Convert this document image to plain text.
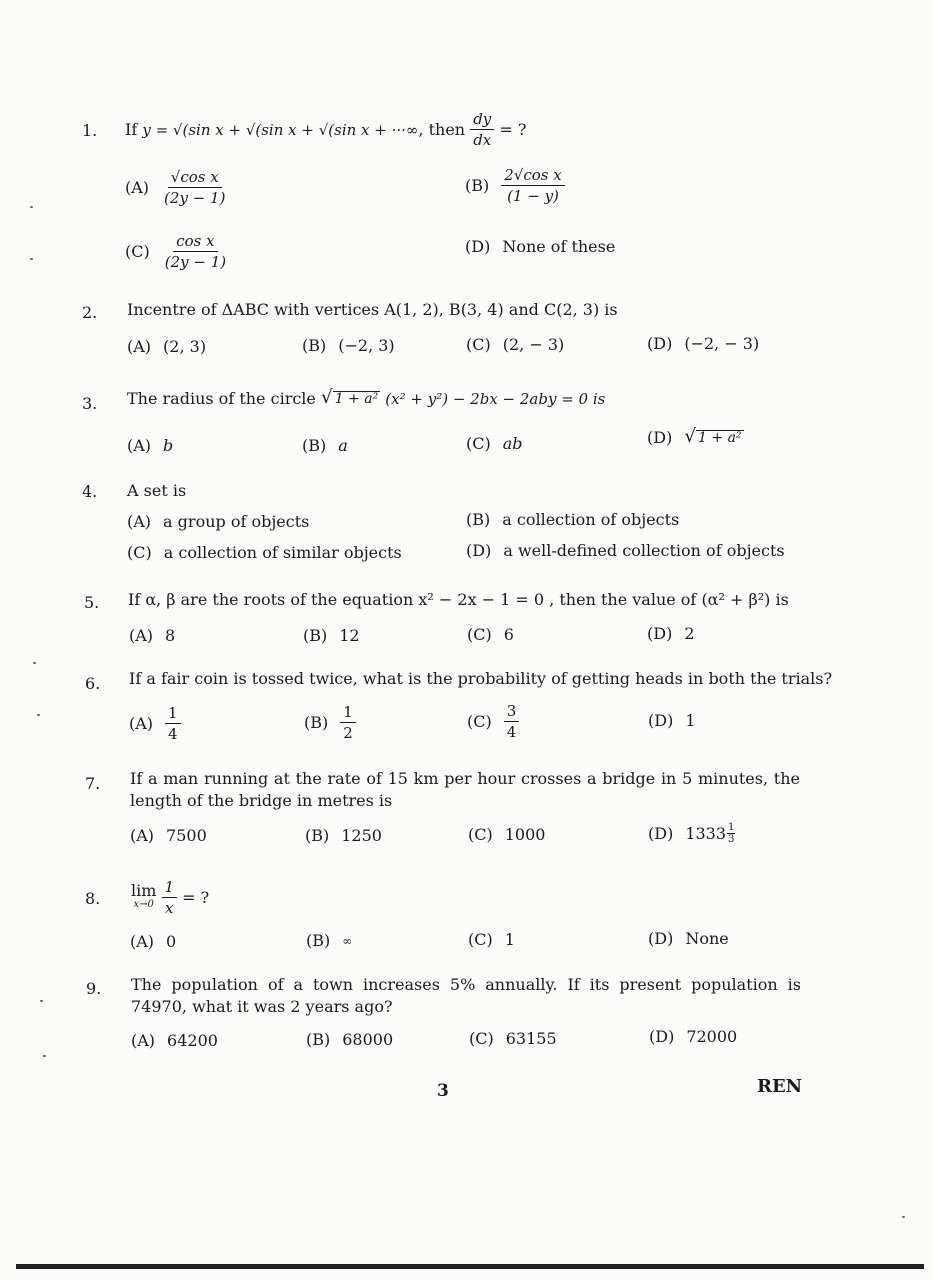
1. If
y = √(sin x + √(sin x + √(sin x + ···∞ , then
$\frac{dy}{dx}$
= ?
$(A) \frac{\text{√cos x}}{(2y - 1)}$	$(B) \frac{\text{2√cos x}}{(1 - y)}$
$(C) \frac{\text{cos x}}{(2y - 1)}$	(D) None of these
2. Incentre of ΔABC with vertices A(1, 2), B(3, 4) and C(2, 3) is
(A) (2, 3)	(B) (−2, 3)	(C) (2, − 3)	(D) (−2, − 3)
3. The radius of the circle
√ 1 + a²
(x² + y²) − 2bx − 2aby = 0 is
(A) b	(B) a	(C) ab	(D) √ 1 + a²
4. A set is
(A) a group of objects	(B) a collection of objects
(C) a collection of similar objects	(D) a well-defined collection of objects
5. If α, β are the roots of the equation x² − 2x − 1 = 0 , then the value of (α² + β²) is
(A) 8	(B) 12	(C) 6	(D) 2
6. If a fair coin is tossed twice, what is the probability of getting heads in both the trials?
$(A) \frac{1}{4}$	$(B) \frac{1}{2}$	$(C) \frac{3}{4}$	(D) 1
7. If a man running at the rate of 15 km per hour crosses a bridge in 5 minutes, the length of the bridge in metres is
(A) 7500	(B) 1250	(C) 1000	(D) $1333 \frac{1}{3}$
8. lim
x→0
$\frac{1}{x}$
= ?
(A) 0	(B) ∞	(C) 1	(D) None
9. The population of a town increases 5% annually. If its present population is 74970, what it was 2 years ago?
(A) 64200	(B) 68000	(C) 63155	(D) 72000
3	REN
